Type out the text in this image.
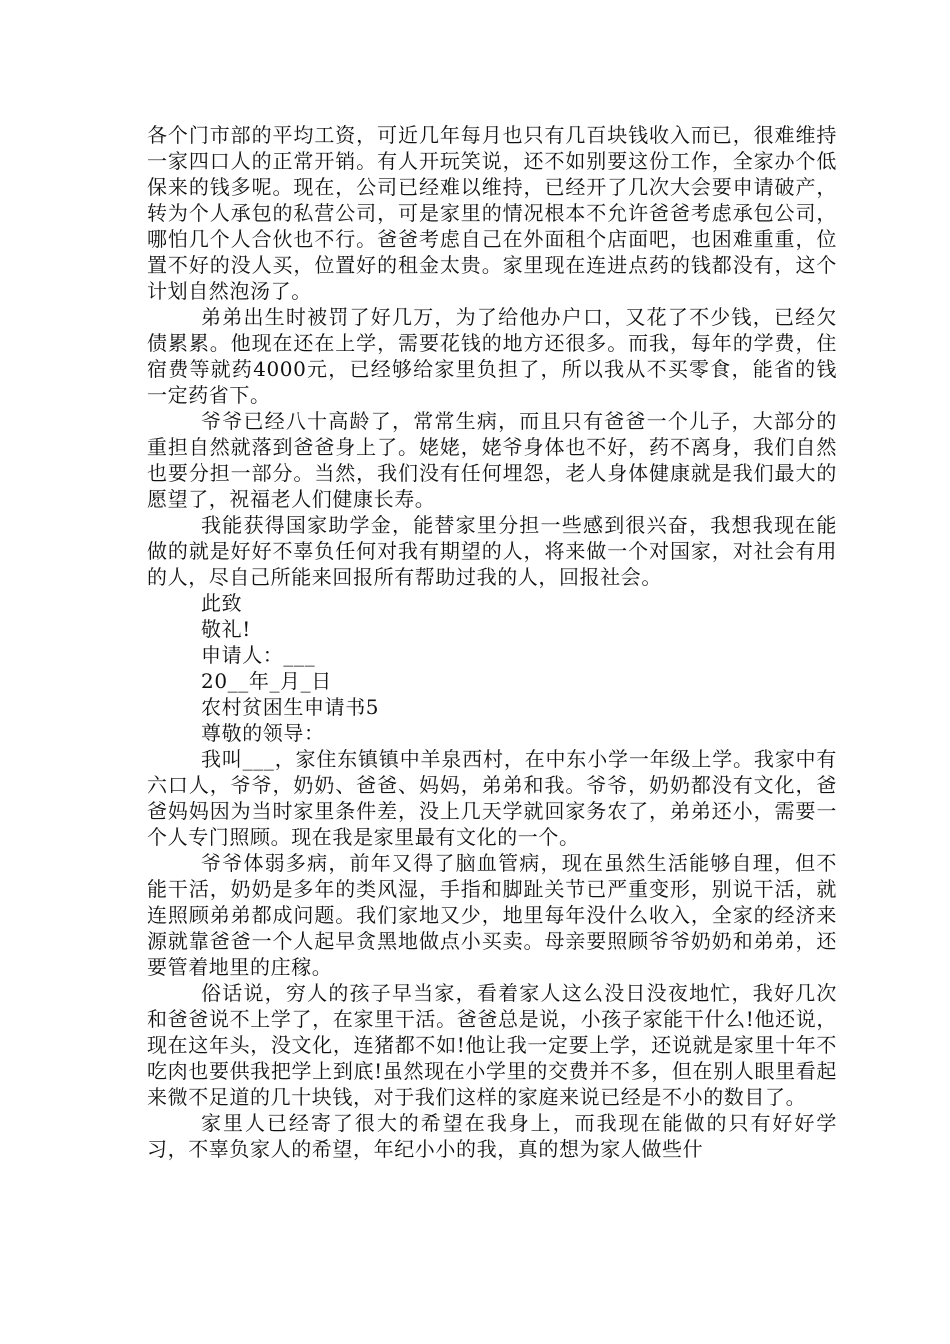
各个门市部的平均工资，可近几年每月也只有几百块钱收入而已，很难维持一家四口人的正常开销。有人开玩笑说，还不如别要这份工作，全家办个低保来的钱多呢。现在，公司已经难以维持，已经开了几次大会要申请破产，转为个人承包的私营公司，可是家里的情况根本不允许爸爸考虑承包公司，哪怕几个人合伙也不行。爸爸考虑自己在外面租个店面吧，也困难重重，位置不好的没人买，位置好的租金太贵。家里现在连进点药的钱都没有，这个计划自然泡汤了。

弟弟出生时被罚了好几万，为了给他办户口，又花了不少钱，已经欠债累累。他现在还在上学，需要花钱的地方还很多。而我，每年的学费，住宿费等就药4000元，已经够给家里负担了，所以我从不买零食，能省的钱一定药省下。

爷爷已经八十高龄了，常常生病，而且只有爸爸一个儿子，大部分的重担自然就落到爸爸身上了。姥姥，姥爷身体也不好，药不离身，我们自然也要分担一部分。当然，我们没有任何埋怨，老人身体健康就是我们最大的愿望了，祝福老人们健康长寿。

我能获得国家助学金，能替家里分担一些感到很兴奋，我想我现在能做的就是好好不辜负任何对我有期望的人，将来做一个对国家，对社会有用的人，尽自己所能来回报所有帮助过我的人，回报社会。

此致

敬礼!

申请人：___

20__年_月_日

农村贫困生申请书5

尊敬的领导：

我叫___，家住东镇镇中羊泉西村，在中东小学一年级上学。我家中有六口人，爷爷，奶奶、爸爸、妈妈，弟弟和我。爷爷，奶奶都没有文化，爸爸妈妈因为当时家里条件差，没上几天学就回家务农了，弟弟还小，需要一个人专门照顾。现在我是家里最有文化的一个。

爷爷体弱多病，前年又得了脑血管病，现在虽然生活能够自理，但不能干活，奶奶是多年的类风湿，手指和脚趾关节已严重变形，别说干活，就连照顾弟弟都成问题。我们家地又少，地里每年没什么收入，全家的经济来源就靠爸爸一个人起早贪黑地做点小买卖。母亲要照顾爷爷奶奶和弟弟，还要管着地里的庄稼。

俗话说，穷人的孩子早当家，看着家人这么没日没夜地忙，我好几次和爸爸说不上学了，在家里干活。爸爸总是说，小孩子家能干什么!他还说，现在这年头，没文化，连猪都不如!他让我一定要上学，还说就是家里十年不吃肉也要供我把学上到底!虽然现在小学里的交费并不多，但在别人眼里看起来微不足道的几十块钱，对于我们这样的家庭来说已经是不小的数目了。

家里人已经寄了很大的希望在我身上，而我现在能做的只有好好学习，不辜负家人的希望，年纪小小的我，真的想为家人做些什
